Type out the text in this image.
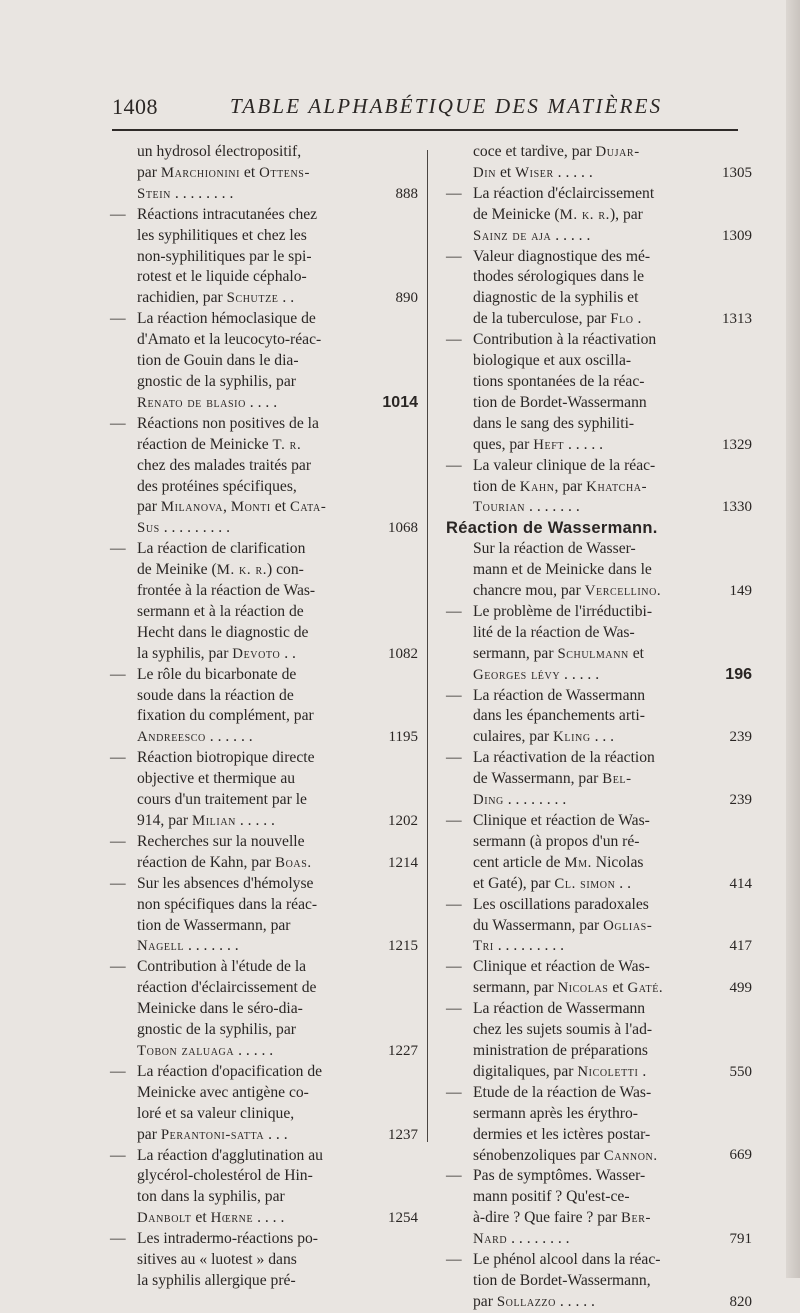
1408	TABLE ALPHABÉTIQUE DES MATIÈRES
un hydrosol électropositif,
par Marchionini et Ottens-
Stein . . . . . . . .	888
— Réactions intracutanées chez
les syphilitiques et chez les
non-syphilitiques par le spi-
rotest et le liquide céphalo-
rachidien, par Schutze . .	890
— La réaction hémoclasique de
d'Amato et la leucocyto-réac-
tion de Gouin dans le dia-
gnostic de la syphilis, par
Renato de blasio . . . .	1014
— Réactions non positives de la
réaction de Meinicke T. r.
chez des malades traités par
des protéines spécifiques,
par Milanova, Monti et Cata-
Sus . . . . . . . . .	1068
— La réaction de clarification
de Meinike (M. k. r.) con-
frontée à la réaction de Was-
sermann et à la réaction de
Hecht dans le diagnostic de
la syphilis, par Devoto . .	1082
— Le rôle du bicarbonate de
soude dans la réaction de
fixation du complément, par
Andreesco . . . . . .	1195
— Réaction biotropique directe
objective et thermique au
cours d'un traitement par le
914, par Milian . . . . .	1202
— Recherches sur la nouvelle
réaction de Kahn, par Boas.	1214
— Sur les absences d'hémolyse
non spécifiques dans la réac-
tion de Wassermann, par
Nagell . . . . . . .	1215
— Contribution à l'étude de la
réaction d'éclaircissement de
Meinicke dans le séro-dia-
gnostic de la syphilis, par
Tobon zaluaga . . . . .	1227
— La réaction d'opacification de
Meinicke avec antigène co-
loré et sa valeur clinique,
par Perantoni-satta . . .	1237
— La réaction d'agglutination au
glycérol-cholestérol de Hin-
ton dans la syphilis, par
Danbolt et Hœrne . . . .	1254
— Les intradermo-réactions po-
sitives au « luotest » dans
la syphilis allergique pré-
coce et tardive, par Dujar-
Din et Wiser . . . . .	1305
— La réaction d'éclaircissement
de Meinicke (M. k. r.), par
Sainz de aja . . . . .	1309
— Valeur diagnostique des mé-
thodes sérologiques dans le
diagnostic de la syphilis et
de la tuberculose, par Flo .	1313
— Contribution à la réactivation
biologique et aux oscilla-
tions spontanées de la réac-
tion de Bordet-Wassermann
dans le sang des syphiliti-
ques, par Heft . . . . .	1329
— La valeur clinique de la réac-
tion de Kahn, par Khatcha-
Tourian . . . . . . .	1330
Réaction de Wassermann.
Sur la réaction de Wasser-
mann et de Meinicke dans le
chancre mou, par Vercellino.	149
— Le problème de l'irréductibi-
lité de la réaction de Was-
sermann, par Schulmann et
Georges lévy . . . . .	196
— La réaction de Wassermann
dans les épanchements arti-
culaires, par Kling . . .	239
— La réactivation de la réaction
de Wassermann, par Bel-
Ding . . . . . . . .	239
— Clinique et réaction de Was-
sermann (à propos d'un ré-
cent article de Mm. Nicolas
et Gaté), par Cl. simon . .	414
— Les oscillations paradoxales
du Wassermann, par Oglias-
Tri . . . . . . . . .	417
— Clinique et réaction de Was-
sermann, par Nicolas et Gaté.	499
— La réaction de Wassermann
chez les sujets soumis à l'ad-
ministration de préparations
digitaliques, par Nicoletti .	550
— Etude de la réaction de Was-
sermann après les érythro-
dermies et les ictères postar-
sénobenzoliques par Cannon.	669
— Pas de symptômes. Wasser-
mann positif ? Qu'est-ce-
à-dire ? Que faire ? par Ber-
Nard . . . . . . . .	791
— Le phénol alcool dans la réac-
tion de Bordet-Wassermann,
par Sollazzo . . . . .	820
